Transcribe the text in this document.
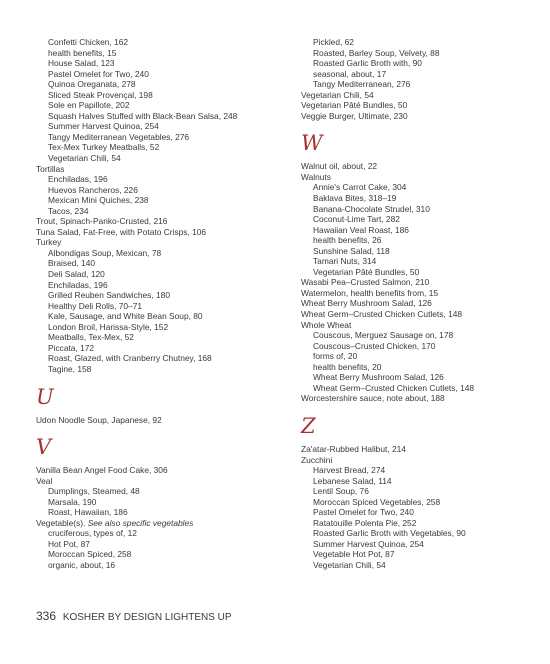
Confetti Chicken, 162
health benefits, 15
House Salad, 123
Pastel Omelet for Two, 240
Quinoa Oreganata, 278
Sliced Steak Provençal, 198
Sole en Papillote, 202
Squash Halves Stuffed with Black-Bean Salsa, 248
Summer Harvest Quinoa, 254
Tangy Mediterranean Vegetables, 276
Tex-Mex Turkey Meatballs, 52
Vegetarian Chili, 54
Tortillas
Enchiladas, 196
Huevos Rancheros, 226
Mexican Mini Quiches, 238
Tacos, 234
Trout, Spinach-Panko-Crusted, 216
Tuna Salad, Fat-Free, with Potato Crisps, 106
Turkey
Albondigas Soup, Mexican, 78
Braised, 140
Deli Salad, 120
Enchiladas, 196
Grilled Reuben Sandwiches, 180
Healthy Deli Rolls, 70–71
Kale, Sausage, and White Bean Soup, 80
London Broil, Harissa-Style, 152
Meatballs, Tex-Mex, 52
Piccata, 172
Roast, Glazed, with Cranberry Chutney, 168
Tagine, 158
U
Udon Noodle Soup, Japanese, 92
V
Vanilla Bean Angel Food Cake, 306
Veal
Dumplings, Steamed, 48
Marsala, 190
Roast, Hawaiian, 186
Vegetable(s). See also specific vegetables
cruciferous, types of, 12
Hot Pot, 87
Moroccan Spiced, 258
organic, about, 16
Pickled, 62
Roasted, Barley Soup, Velvety, 88
Roasted Garlic Broth with, 90
seasonal, about, 17
Tangy Mediterranean, 276
Vegetarian Chili, 54
Vegetarian Pâté Bundles, 50
Veggie Burger, Ultimate, 230
W
Walnut oil, about, 22
Walnuts
Annie's Carrot Cake, 304
Baklava Bites, 318–19
Banana-Chocolate Strudel, 310
Coconut-Lime Tart, 282
Hawaiian Veal Roast, 186
health benefits, 26
Sunshine Salad, 118
Tamari Nuts, 314
Vegetarian Pâté Bundles, 50
Wasabi Pea–Crusted Salmon, 210
Watermelon, health benefits from, 15
Wheat Berry Mushroom Salad, 126
Wheat Germ–Crusted Chicken Cutlets, 148
Whole Wheat
Couscous, Merguez Sausage on, 178
Couscous–Crusted Chicken, 170
forms of, 20
health benefits, 20
Wheat Berry Mushroom Salad, 126
Wheat Germ–Crusted Chicken Cutlets, 148
Worcestershire sauce, note about, 188
Z
Za'atar-Rubbed Halibut, 214
Zucchini
Harvest Bread, 274
Lebanese Salad, 114
Lentil Soup, 76
Moroccan Spiced Vegetables, 258
Pastel Omelet for Two, 240
Ratatouille Polenta Pie, 252
Roasted Garlic Broth with Vegetables, 90
Summer Harvest Quinoa, 254
Vegetable Hot Pot, 87
Vegetarian Chili, 54
336 KOSHER BY DESIGN LIGHTENS UP
